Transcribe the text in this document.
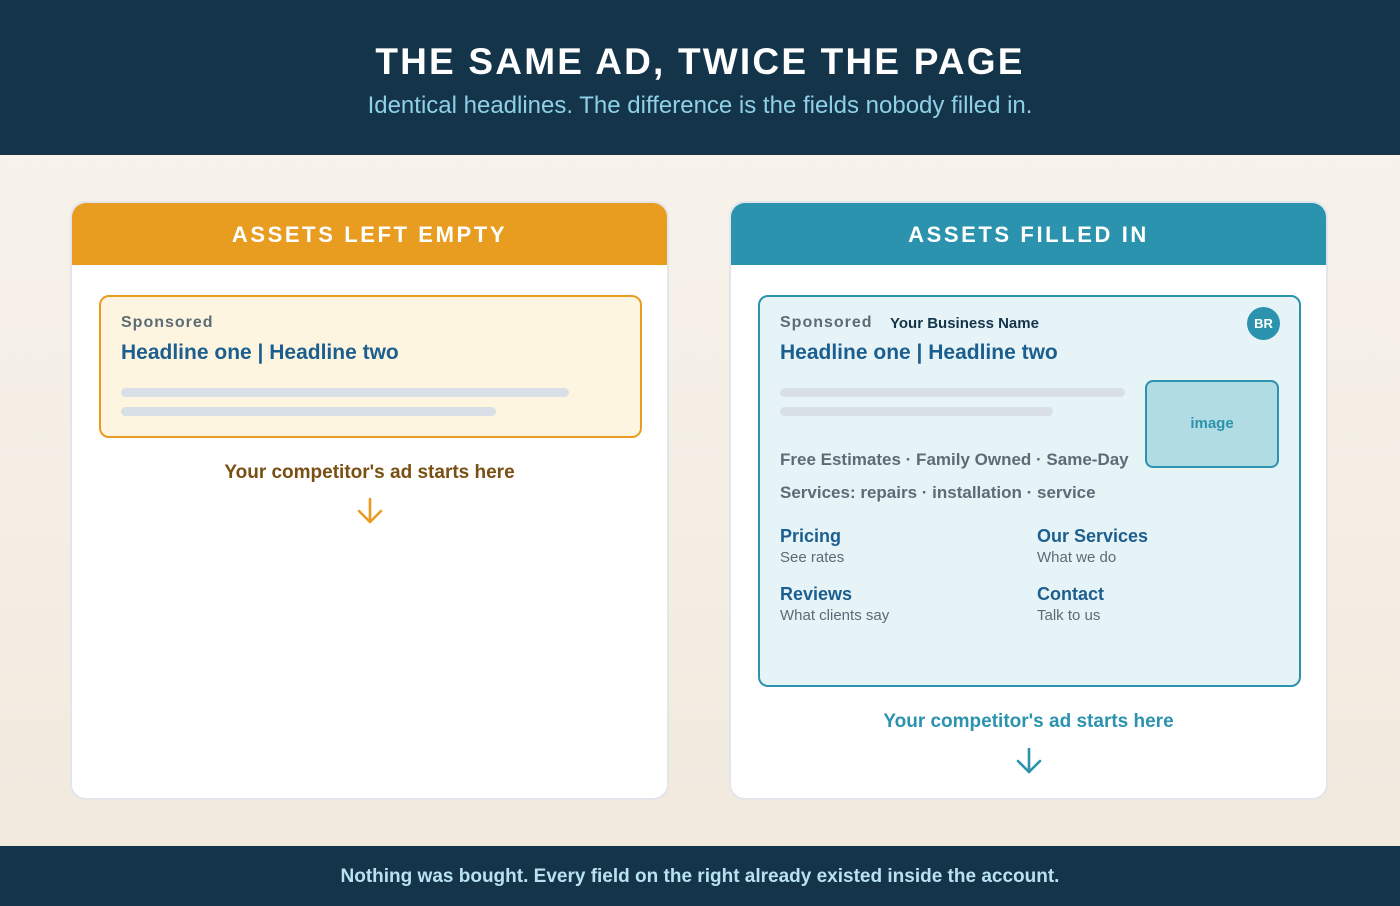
THE SAME AD, TWICE THE PAGE
Identical headlines. The difference is the fields nobody filled in.
ASSETS LEFT EMPTY
Sponsored
Headline one | Headline two
Your competitor's ad starts here
ASSETS FILLED IN
Sponsored Your Business Name	BR
Headline one | Headline two
image
Free Estimates · Family Owned · Same-Day
Services: repairs · installation · service
Pricing
See rates
Our Services
What we do
Reviews
What clients say
Contact
Talk to us
Your competitor's ad starts here
Nothing was bought. Every field on the right already existed inside the account.
